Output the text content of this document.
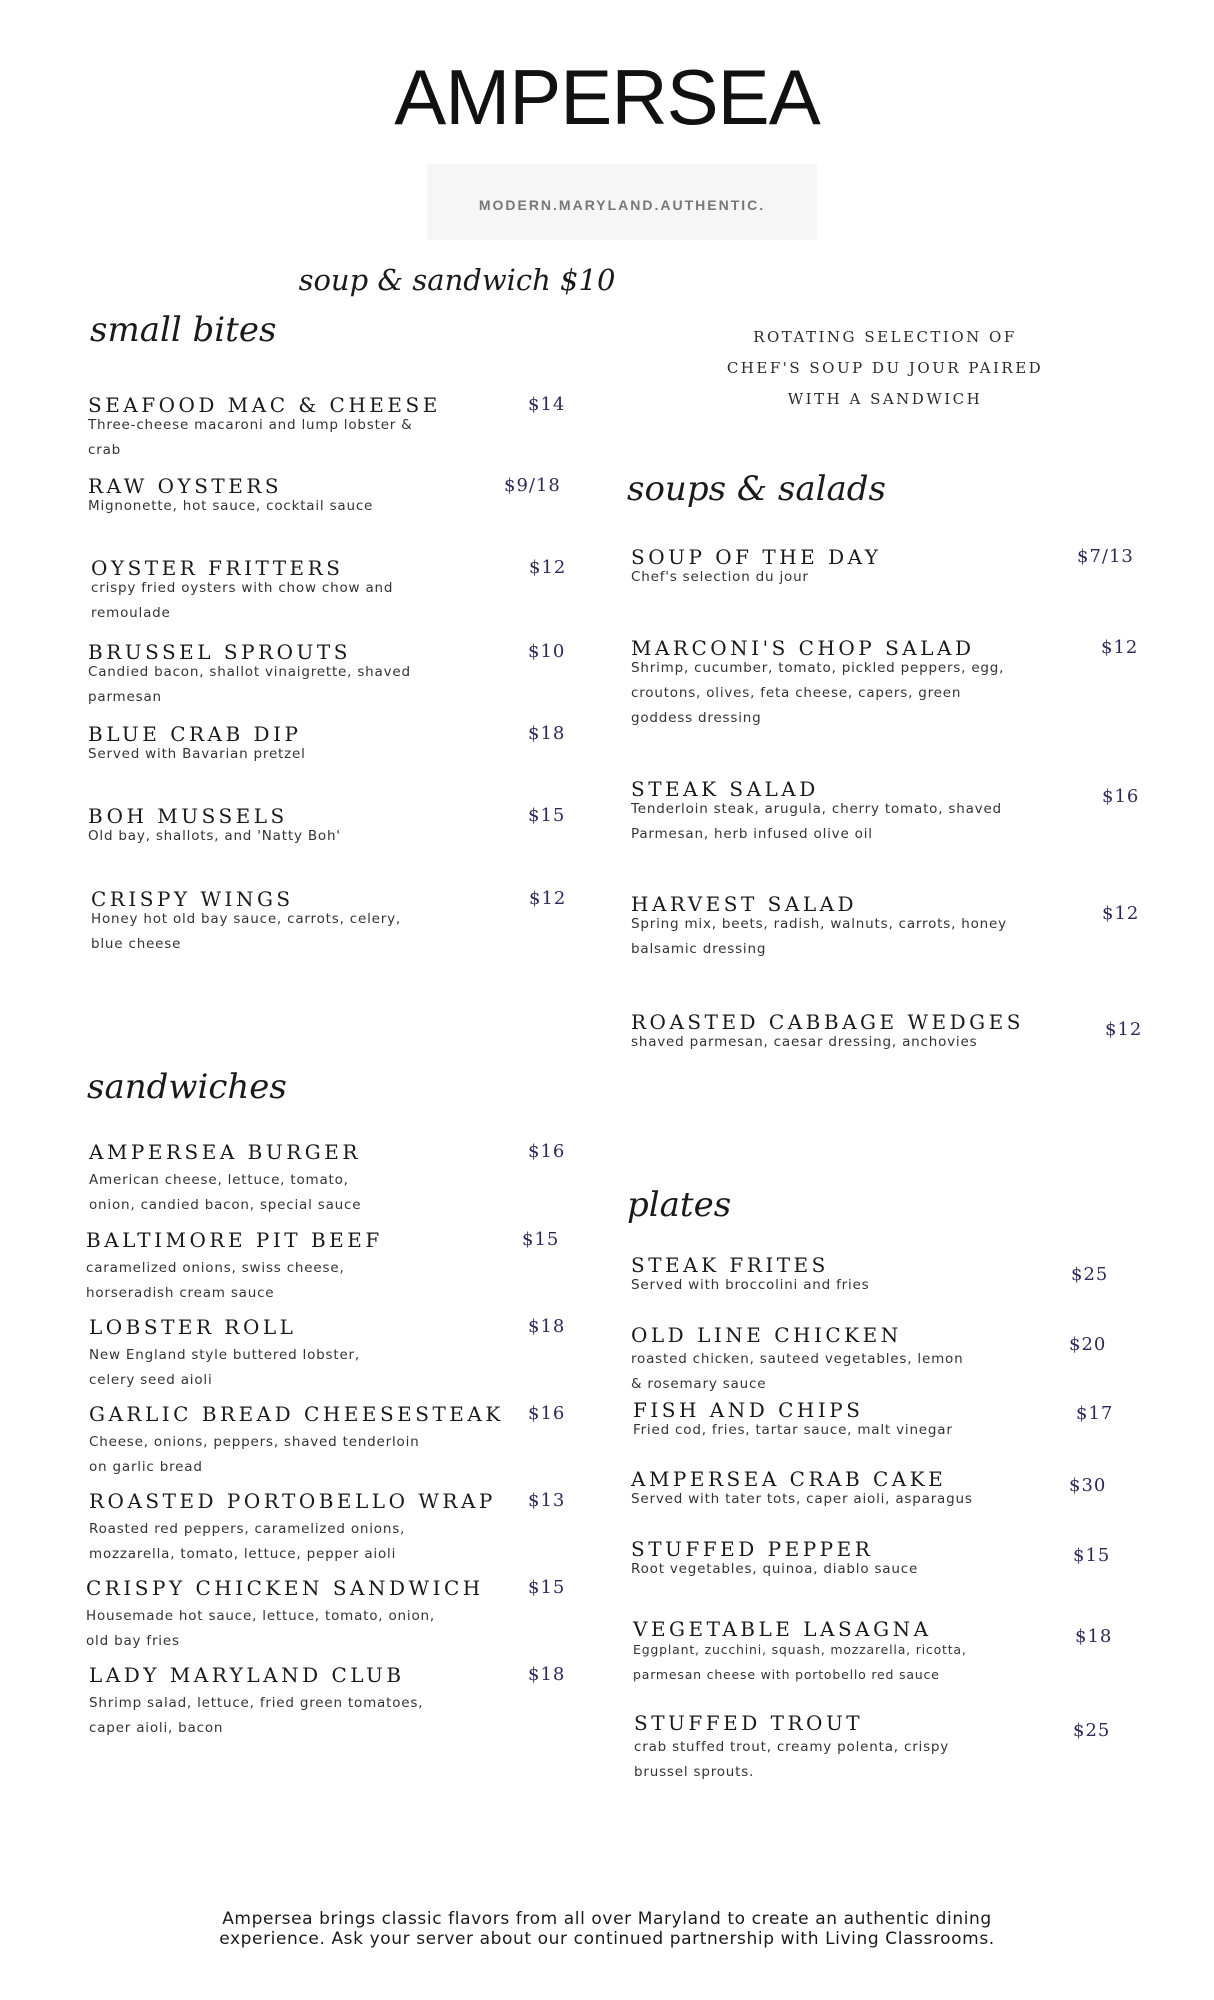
AMPERSEA
MODERN.MARYLAND.AUTHENTIC.
soup & sandwich $10
ROTATING SELECTION OF CHEF'S SOUP DU JOUR PAIRED WITH A SANDWICH
small bites
sandwiches
soups & salads
plates
SEAFOOD MAC & CHEESE	$14
Three-cheese macaroni and lump lobster & crab
RAW OYSTERS	$9/18
Mignonette, hot sauce, cocktail sauce
OYSTER FRITTERS	$12
crispy fried oysters with chow chow and remoulade
BRUSSEL SPROUTS	$10
Candied bacon, shallot vinaigrette, shaved parmesan
BLUE CRAB DIP	$18
Served with Bavarian pretzel
BOH MUSSELS	$15
Old bay, shallots, and 'Natty Boh'
CRISPY WINGS	$12
Honey hot old bay sauce, carrots, celery, blue cheese
AMPERSEA BURGER	$16
American cheese, lettuce, tomato, onion, candied bacon, special sauce
BALTIMORE PIT BEEF	$15
caramelized onions, swiss cheese, horseradish cream sauce
LOBSTER ROLL	$18
New England style buttered lobster, celery seed aioli
GARLIC BREAD CHEESESTEAK $16
Cheese, onions, peppers, shaved tenderloin on garlic bread
ROASTED PORTOBELLO WRAP $13
Roasted red peppers, caramelized onions, mozzarella, tomato, lettuce, pepper aioli
CRISPY CHICKEN SANDWICH $15
Housemade hot sauce, lettuce, tomato, onion, old bay fries
LADY MARYLAND CLUB	$18
Shrimp salad, lettuce, fried green tomatoes, caper aioli, bacon
SOUP OF THE DAY	$7/13
Chef's selection du jour
MARCONI'S CHOP SALAD	$12
Shrimp, cucumber, tomato, pickled peppers, egg, croutons, olives, feta cheese, capers, green goddess dressing
STEAK SALAD	$16
Tenderloin steak, arugula, cherry tomato, shaved Parmesan, herb infused olive oil
HARVEST SALAD	$12
Spring mix, beets, radish, walnuts, carrots, honey balsamic dressing
ROASTED CABBAGE WEDGES	$12
shaved parmesan, caesar dressing, anchovies
STEAK FRITES	$25
Served with broccolini and fries
OLD LINE CHICKEN	$20
roasted chicken, sauteed vegetables, lemon & rosemary sauce
FISH AND CHIPS	$17
Fried cod, fries, tartar sauce, malt vinegar
AMPERSEA CRAB CAKE	$30
Served with tater tots, caper aioli, asparagus
STUFFED PEPPER	$15
Root vegetables, quinoa, diablo sauce
VEGETABLE LASAGNA	$18
Eggplant, zucchini, squash, mozzarella, ricotta, parmesan cheese with portobello red sauce
STUFFED TROUT	$25
crab stuffed trout, creamy polenta, crispy brussel sprouts.
Ampersea brings classic flavors from all over Maryland to create an authentic dining experience. Ask your server about our continued partnership with Living Classrooms.
